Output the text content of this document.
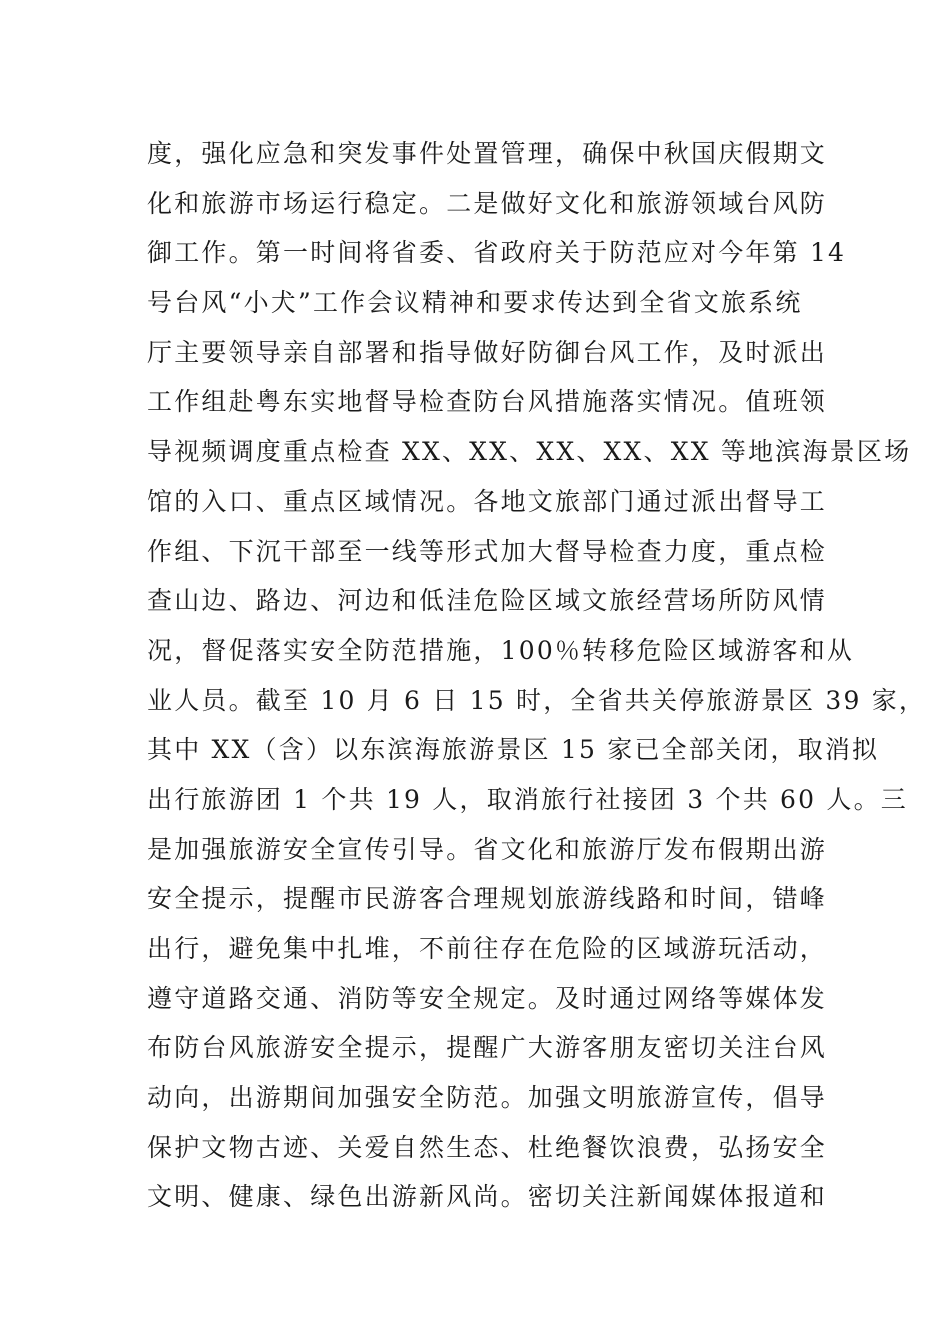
度，强化应急和突发事件处置管理，确保中秋国庆假期文
化和旅游市场运行稳定。二是做好文化和旅游领域台风防
御工作。第一时间将省委、省政府关于防范应对今年第 14
号台风“小犬”工作会议精神和要求传达到全省文旅系统
厅主要领导亲自部署和指导做好防御台风工作，及时派出
工作组赴粤东实地督导检查防台风措施落实情况。值班领
导视频调度重点检查 XX、XX、XX、XX、XX 等地滨海景区场
馆的入口、重点区域情况。各地文旅部门通过派出督导工
作组、下沉干部至一线等形式加大督导检查力度，重点检
查山边、路边、河边和低洼危险区域文旅经营场所防风情
况，督促落实安全防范措施，100％转移危险区域游客和从
业人员。截至 10 月 6 日 15 时，全省共关停旅游景区 39 家，
其中 XX（含）以东滨海旅游景区 15 家已全部关闭，取消拟
出行旅游团 1 个共 19 人，取消旅行社接团 3 个共 60 人。三
是加强旅游安全宣传引导。省文化和旅游厅发布假期出游
安全提示，提醒市民游客合理规划旅游线路和时间，错峰
出行，避免集中扎堆，不前往存在危险的区域游玩活动，
遵守道路交通、消防等安全规定。及时通过网络等媒体发
布防台风旅游安全提示，提醒广大游客朋友密切关注台风
动向，出游期间加强安全防范。加强文明旅游宣传，倡导
保护文物古迹、关爱自然生态、杜绝餐饮浪费，弘扬安全
文明、健康、绿色出游新风尚。密切关注新闻媒体报道和
